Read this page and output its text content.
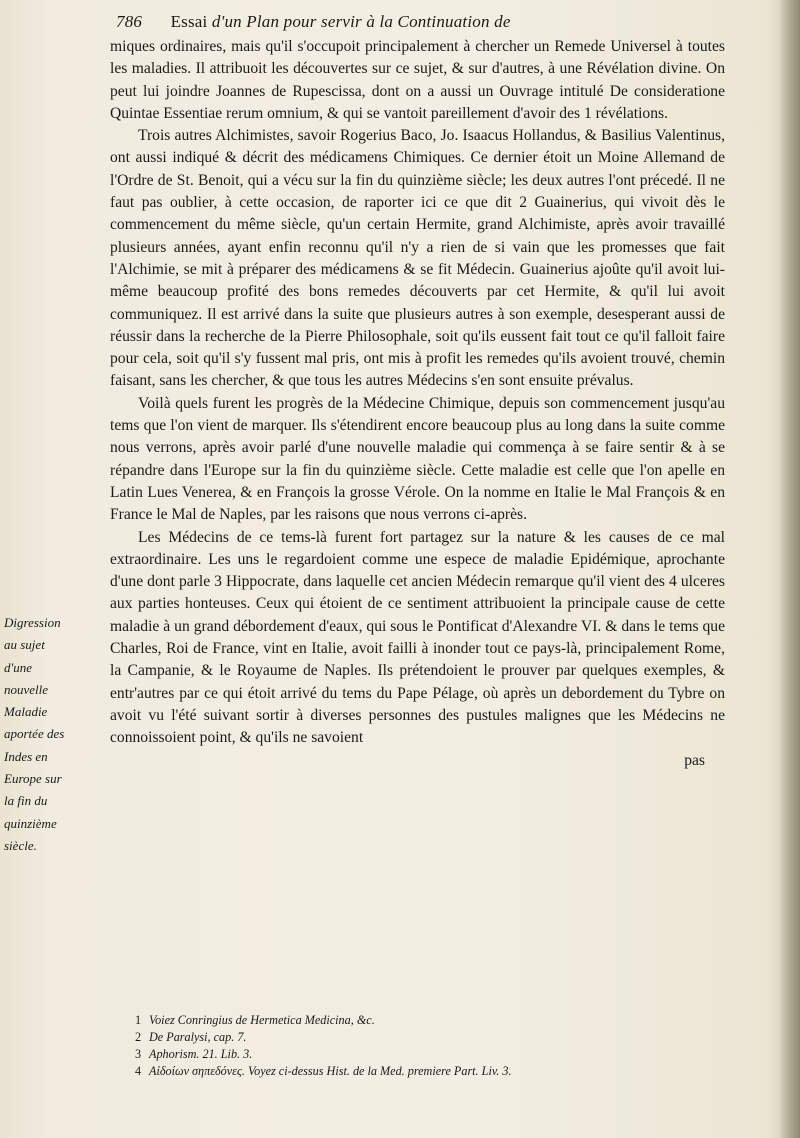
786 Essai d'un Plan pour servir à la Continuation de
Digression au sujet d'une nouvelle Maladie aportée des Indes en Europe sur la fin du quinzième siècle.

miques ordinaires, mais qu'il s'occupoit principalement à chercher un Remede Universel à toutes les maladies. Il attribuoit les découvertes sur ce sujet, & sur d'autres, à une Révélation divine. On peut lui joindre Joannes de Rupescissa, dont on a aussi un Ouvrage intitulé De consideratione Quintae Essentiae rerum omnium, & qui se vantoit pareillement d'avoir des 1 révélations.

Trois autres Alchimistes, savoir Rogerius Baco, Jo. Isaacus Hollandus, & Basilius Valentinus, ont aussi indiqué & décrit des médicamens Chimiques. Ce dernier étoit un Moine Allemand de l'Ordre de St. Benoit, qui a vécu sur la fin du quinzième siècle; les deux autres l'ont précedé. Il ne faut pas oublier, à cette occasion, de raporter ici ce que dit 2 Guainerius, qui vivoit dès le commencement du même siècle, qu'un certain Hermite, grand Alchimiste, après avoir travaillé plusieurs années, ayant enfin reconnu qu'il n'y a rien de si vain que les promesses que fait l'Alchimie, se mit à préparer des médicamens & se fit Médecin. Guainerius ajoûte qu'il avoit lui-même beaucoup profité des bons remedes découverts par cet Hermite, & qu'il lui avoit communiquez. Il est arrivé dans la suite que plusieurs autres à son exemple, desesperant aussi de réussir dans la recherche de la Pierre Philosophale, soit qu'ils eussent fait tout ce qu'il falloit faire pour cela, soit qu'il s'y fussent mal pris, ont mis à profit les remedes qu'ils avoient trouvé, chemin faisant, sans les chercher, & que tous les autres Médecins s'en sont ensuite prévalus.

Voilà quels furent les progrès de la Médecine Chimique, depuis son commencement jusqu'au tems que l'on vient de marquer. Ils s'étendirent encore beaucoup plus au long dans la suite comme nous verrons, après avoir parlé d'une nouvelle maladie qui commença à se faire sentir & à se répandre dans l'Europe sur la fin du quinzième siècle. Cette maladie est celle que l'on apelle en Latin Lues Venerea, & en François la grosse Vérole. On la nomme en Italie le Mal François & en France le Mal de Naples, par les raisons que nous verrons ci-après.

Les Médecins de ce tems-là furent fort partagez sur la nature & les causes de ce mal extraordinaire. Les uns le regardoient comme une espece de maladie Epidémique, aprochante d'une dont parle 3 Hippocrate, dans laquelle cet ancien Médecin remarque qu'il vient des 4 ulceres aux parties honteuses. Ceux qui étoient de ce sentiment attribuoient la principale cause de cette maladie à un grand débordement d'eaux, qui sous le Pontificat d'Alexandre VI. & dans le tems que Charles, Roi de France, vint en Italie, avoit failli à inonder tout ce pays-là, principalement Rome, la Campanie, & le Royaume de Naples. Ils prétendoient le prouver par quelques exemples, & entr'autres par ce qui étoit arrivé du tems du Pape Pélage, où après un debordement du Tybre on avoit vu l'été suivant sortir à diverses personnes des pustules malignes que les Médecins ne connoissoient point, & qu'ils ne savoient

pas
1 Voiez Conringius de Hermetica Medicina, &c.
2 De Paralysi, cap. 7.
3 Aphorism. 21. Lib. 3.
4 Αἰδοίων σηπεδόνες. Voyez ci-dessus Hist. de la Med. premiere Part. Liv. 3.
